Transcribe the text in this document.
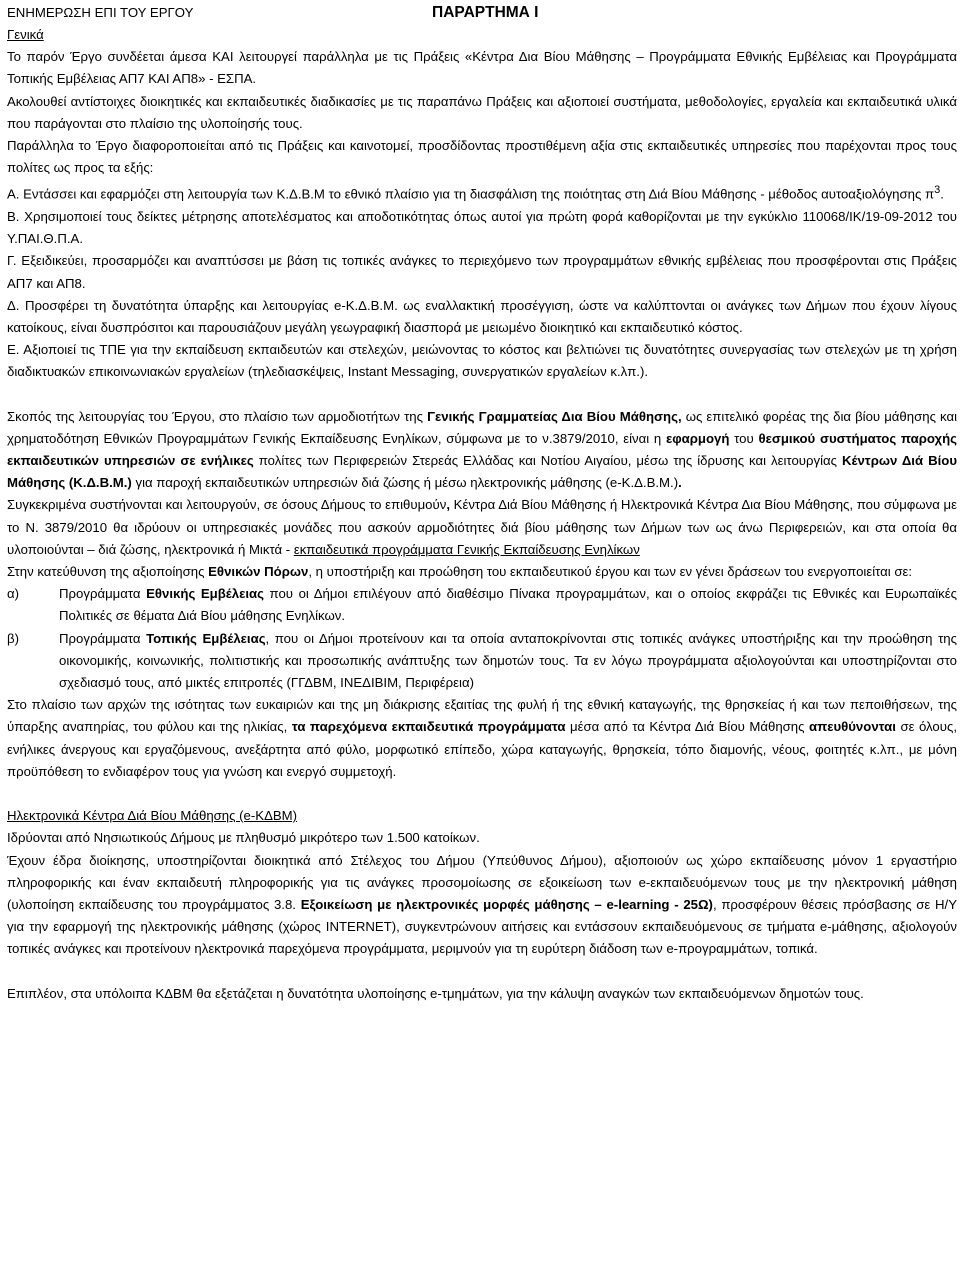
ΕΝΗΜΕΡΩΣΗ ΕΠΙ ΤΟΥ ΕΡΓΟΥ	ΠΑΡΑΡΤΗΜΑ Ι

Γενικά

Το παρόν Έργο συνδέεται άμεσα ΚΑΙ λειτουργεί παράλληλα με τις Πράξεις «Κέντρα Δια Βίου Μάθησης – Προγράμματα Εθνικής Εμβέλειας και Προγράμματα Τοπικής Εμβέλειας ΑΠ7 ΚΑΙ ΑΠ8» - ΕΣΠΑ.

Ακολουθεί αντίστοιχες διοικητικές και εκπαιδευτικές διαδικασίες με τις παραπάνω Πράξεις και αξιοποιεί συστήματα, μεθοδολογίες, εργαλεία και εκπαιδευτικά υλικά που παράγονται στο πλαίσιο της υλοποίησής τους.

Παράλληλα το Έργο διαφοροποιείται από τις Πράξεις και καινοτομεί, προσδίδοντας προστιθέμενη αξία στις εκπαιδευτικές υπηρεσίες που παρέχονται προς τους πολίτες ως προς τα εξής:

Α. Εντάσσει και εφαρμόζει στη λειτουργία των Κ.Δ.Β.Μ το εθνικό πλαίσιο για τη διασφάλιση της ποιότητας στη Διά Βίου Μάθησης - μέθοδος αυτοαξιολόγησης $\pi^3$.

Β. Χρησιμοποιεί τους δείκτες μέτρησης αποτελέσματος και αποδοτικότητας όπως αυτοί για πρώτη φορά καθορίζονται με την εγκύκλιο 110068/ΙΚ/19-09-2012 του Υ.ΠΑΙ.Θ.Π.Α.

Γ. Εξειδικεύει, προσαρμόζει και αναπτύσσει με βάση τις τοπικές ανάγκες το περιεχόμενο των προγραμμάτων εθνικής εμβέλειας που προσφέρονται στις Πράξεις ΑΠ7 και ΑΠ8.

Δ. Προσφέρει τη δυνατότητα ύπαρξης και λειτουργίας e-Κ.Δ.Β.Μ. ως εναλλακτική προσέγγιση, ώστε να καλύπτονται οι ανάγκες των Δήμων που έχουν λίγους κατοίκους, είναι δυσπρόσιτοι και παρουσιάζουν μεγάλη γεωγραφική διασπορά με μειωμένο διοικητικό και εκπαιδευτικό κόστος.

Ε. Αξιοποιεί τις ΤΠΕ για την εκπαίδευση εκπαιδευτών και στελεχών, μειώνοντας το κόστος και βελτιώνει τις δυνατότητες συνεργασίας των στελεχών με τη χρήση διαδικτυακών επικοινωνιακών εργαλείων (τηλεδιασκέψεις, Instant Messaging, συνεργατικών εργαλείων κ.λπ.).

Σκοπός της λειτουργίας του Έργου, στο πλαίσιο των αρμοδιοτήτων της Γενικής Γραμματείας Δια Βίου Μάθησης, ως επιτελικό φορέας της δια βίου μάθησης και χρηματοδότηση Εθνικών Προγραμμάτων Γενικής Εκπαίδευσης Ενηλίκων, σύμφωνα με το ν.3879/2010, είναι η εφαρμογή του θεσμικού συστήματος παροχής εκπαιδευτικών υπηρεσιών σε ενήλικες πολίτες των Περιφερειών Στερεάς Ελλάδας και Νοτίου Αιγαίου, μέσω της ίδρυσης και λειτουργίας Κέντρων Διά Βίου Μάθησης (Κ.Δ.Β.Μ.) για παροχή εκπαιδευτικών υπηρεσιών διά ζώσης ή μέσω ηλεκτρονικής μάθησης (e-Κ.Δ.Β.Μ.).

Συγκεκριμένα συστήνονται και λειτουργούν, σε όσους Δήμους το επιθυμούν, Κέντρα Διά Βίου Μάθησης ή Ηλεκτρονικά Κέντρα Δια Βίου Μάθησης, που σύμφωνα με το Ν. 3879/2010 θα ιδρύουν οι υπηρεσιακές μονάδες που ασκούν αρμοδιότητες διά βίου μάθησης των Δήμων των ως άνω Περιφερειών, και στα οποία θα υλοποιούνται – διά ζώσης, ηλεκτρονικά ή Μικτά - εκπαιδευτικά προγράμματα Γενικής Εκπαίδευσης Ενηλίκων

Στην κατεύθυνση της αξιοποίησης Εθνικών Πόρων, η υποστήριξη και προώθηση του εκπαιδευτικού έργου και των εν γένει δράσεων του ενεργοποιείται σε:

α)	Προγράμματα Εθνικής Εμβέλειας που οι Δήμοι επιλέγουν από διαθέσιμο Πίνακα προγραμμάτων, και ο οποίος εκφράζει τις Εθνικές και Ευρωπαϊκές Πολιτικές σε θέματα Διά Βίου μάθησης Ενηλίκων.
β)	Προγράμματα Τοπικής Εμβέλειας, που οι Δήμοι προτείνουν και τα οποία ανταποκρίνονται στις τοπικές ανάγκες υποστήριξης και την προώθηση της οικονομικής, κοινωνικής, πολιτιστικής και προσωπικής ανάπτυξης των δημοτών τους. Τα εν λόγω προγράμματα αξιολογούνται και υποστηρίζονται στο σχεδιασμό τους, από μικτές επιτροπές (ΓΓΔΒΜ, ΙΝΕΔΙΒΙΜ, Περιφέρεια)

Στο πλαίσιο των αρχών της ισότητας των ευκαιριών και της μη διάκρισης εξαιτίας της φυλή ή της εθνική καταγωγής, της θρησκείας ή και των πεποιθήσεων, της ύπαρξης αναπηρίας, του φύλου και της ηλικίας, τα παρεχόμενα εκπαιδευτικά προγράμματα μέσα από τα Κέντρα Διά Βίου Μάθησης απευθύνονται σε όλους, ενήλικες άνεργους και εργαζόμενους, ανεξάρτητα από φύλο, μορφωτικό επίπεδο, χώρα καταγωγής, θρησκεία, τόπο διαμονής, νέους, φοιτητές κ.λπ., με μόνη προϋπόθεση το ενδιαφέρον τους για γνώση και ενεργό συμμετοχή.

Ηλεκτρονικά Κέντρα Διά Βίου Μάθησης (e-ΚΔΒΜ)

Ιδρύονται από Νησιωτικούς Δήμους με πληθυσμό μικρότερο των 1.500 κατοίκων.

Έχουν έδρα διοίκησης, υποστηρίζονται διοικητικά από Στέλεχος του Δήμου (Υπεύθυνος Δήμου), αξιοποιούν ως χώρο εκπαίδευσης μόνον 1 εργαστήριο πληροφορικής και έναν εκπαιδευτή πληροφορικής για τις ανάγκες προσομοίωσης σε εξοικείωση των e-εκπαιδευόμενων τους με την ηλεκτρονική μάθηση (υλοποίηση εκπαίδευσης του προγράμματος 3.8. Εξοικείωση με ηλεκτρονικές μορφές μάθησης – e-learning - 25Ω), προσφέρουν θέσεις πρόσβασης σε Η/Υ για την εφαρμογή της ηλεκτρονικής μάθησης (χώρος INTERNET), συγκεντρώνουν αιτήσεις και εντάσσουν εκπαιδευόμενους σε τμήματα e-μάθησης, αξιολογούν τοπικές ανάγκες και προτείνουν ηλεκτρονικά παρεχόμενα προγράμματα, μεριμνούν για τη ευρύτερη διάδοση των e-προγραμμάτων, τοπικά.

Επιπλέον, στα υπόλοιπα ΚΔΒΜ θα εξετάζεται η δυνατότητα υλοποίησης e-τμημάτων, για την κάλυψη αναγκών των εκπαιδευόμενων δημοτών τους.
